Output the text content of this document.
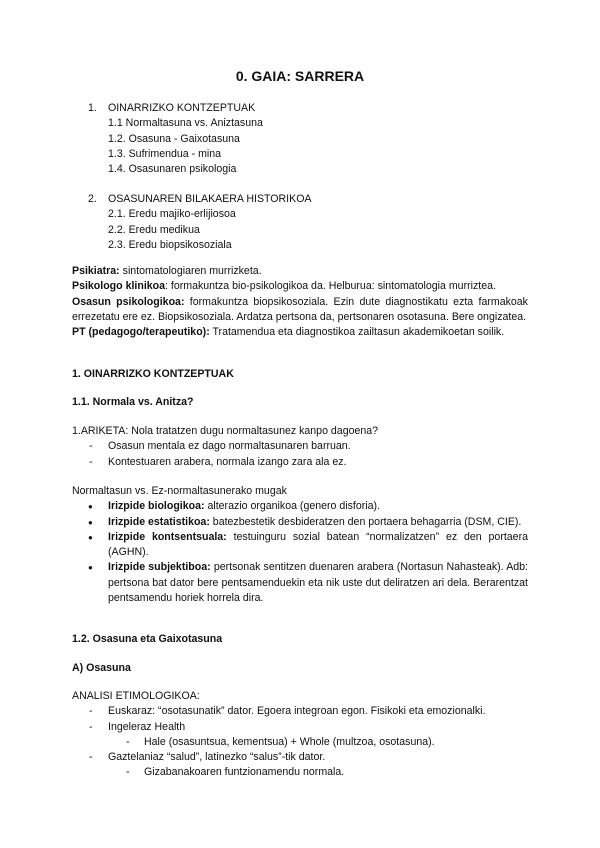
0. GAIA: SARRERA
1. OINARRIZKO KONTZEPTUAK
1.1 Normaltasuna vs. Aniztasuna
1.2. Osasuna - Gaixotasuna
1.3. Sufrimendua - mina
1.4. Osasunaren psikologia
2. OSASUNAREN BILAKAERA HISTORIKOA
2.1. Eredu majiko-erlijiosoa
2.2. Eredu medikua
2.3. Eredu biopsikosoziala
Psikiatra: sintomatologiaren murrizketa.
Psikologo klinikoa: formakuntza bio-psikologikoa da. Helburua: sintomatologia murriztea.
Osasun psikologikoa: formakuntza biopsikosoziala. Ezin dute diagnostikatu ezta farmakoak errezetatu ere ez. Biopsikosoziala. Ardatza pertsona da, pertsonaren osotasuna. Bere ongizatea.
PT (pedagogo/terapeutiko): Tratamendua eta diagnostikoa zailtasun akademikoetan soilik.
1. OINARRIZKO KONTZEPTUAK
1.1. Normala vs. Anitza?
1.ARIKETA: Nola tratatzen dugu normaltasunez kanpo dagoena?
- Osasun mentala ez dago normaltasunaren barruan.
- Kontestuaren arabera, normala izango zara ala ez.
Normaltasun vs. Ez-normaltasunerako mugak
● Irizpide biologikoa: alterazio organikoa (genero disforia).
● Irizpide estatistikoa: batezbestetik desbideratzen den portaera behagarria (DSM, CIE).
● Irizpide kontsentsuala: testuinguru sozial batean “normalizatzen” ez den portaera (AGHN).
● Irizpide subjektiboa: pertsonak sentitzen duenaren arabera (Nortasun Nahasteak). Adb: pertsona bat dator bere pentsamenduekin eta nik uste dut deliratzen ari dela. Berarentzat pentsamendu horiek horrela dira.
1.2. Osasuna eta Gaixotasuna
A) Osasuna
ANALISI ETIMOLOGIKOA:
- Euskaraz: “osotasunatik” dator. Egoera integroan egon. Fisikoki eta emozionalki.
- Ingeleraz Health
- Hale (osasuntsua, kementsua) + Whole (multzoa, osotasuna).
- Gaztelaniaz “salud”, latinezko “salus”-tik dator.
- Gizabanakoaren funtzionamendu normala.
